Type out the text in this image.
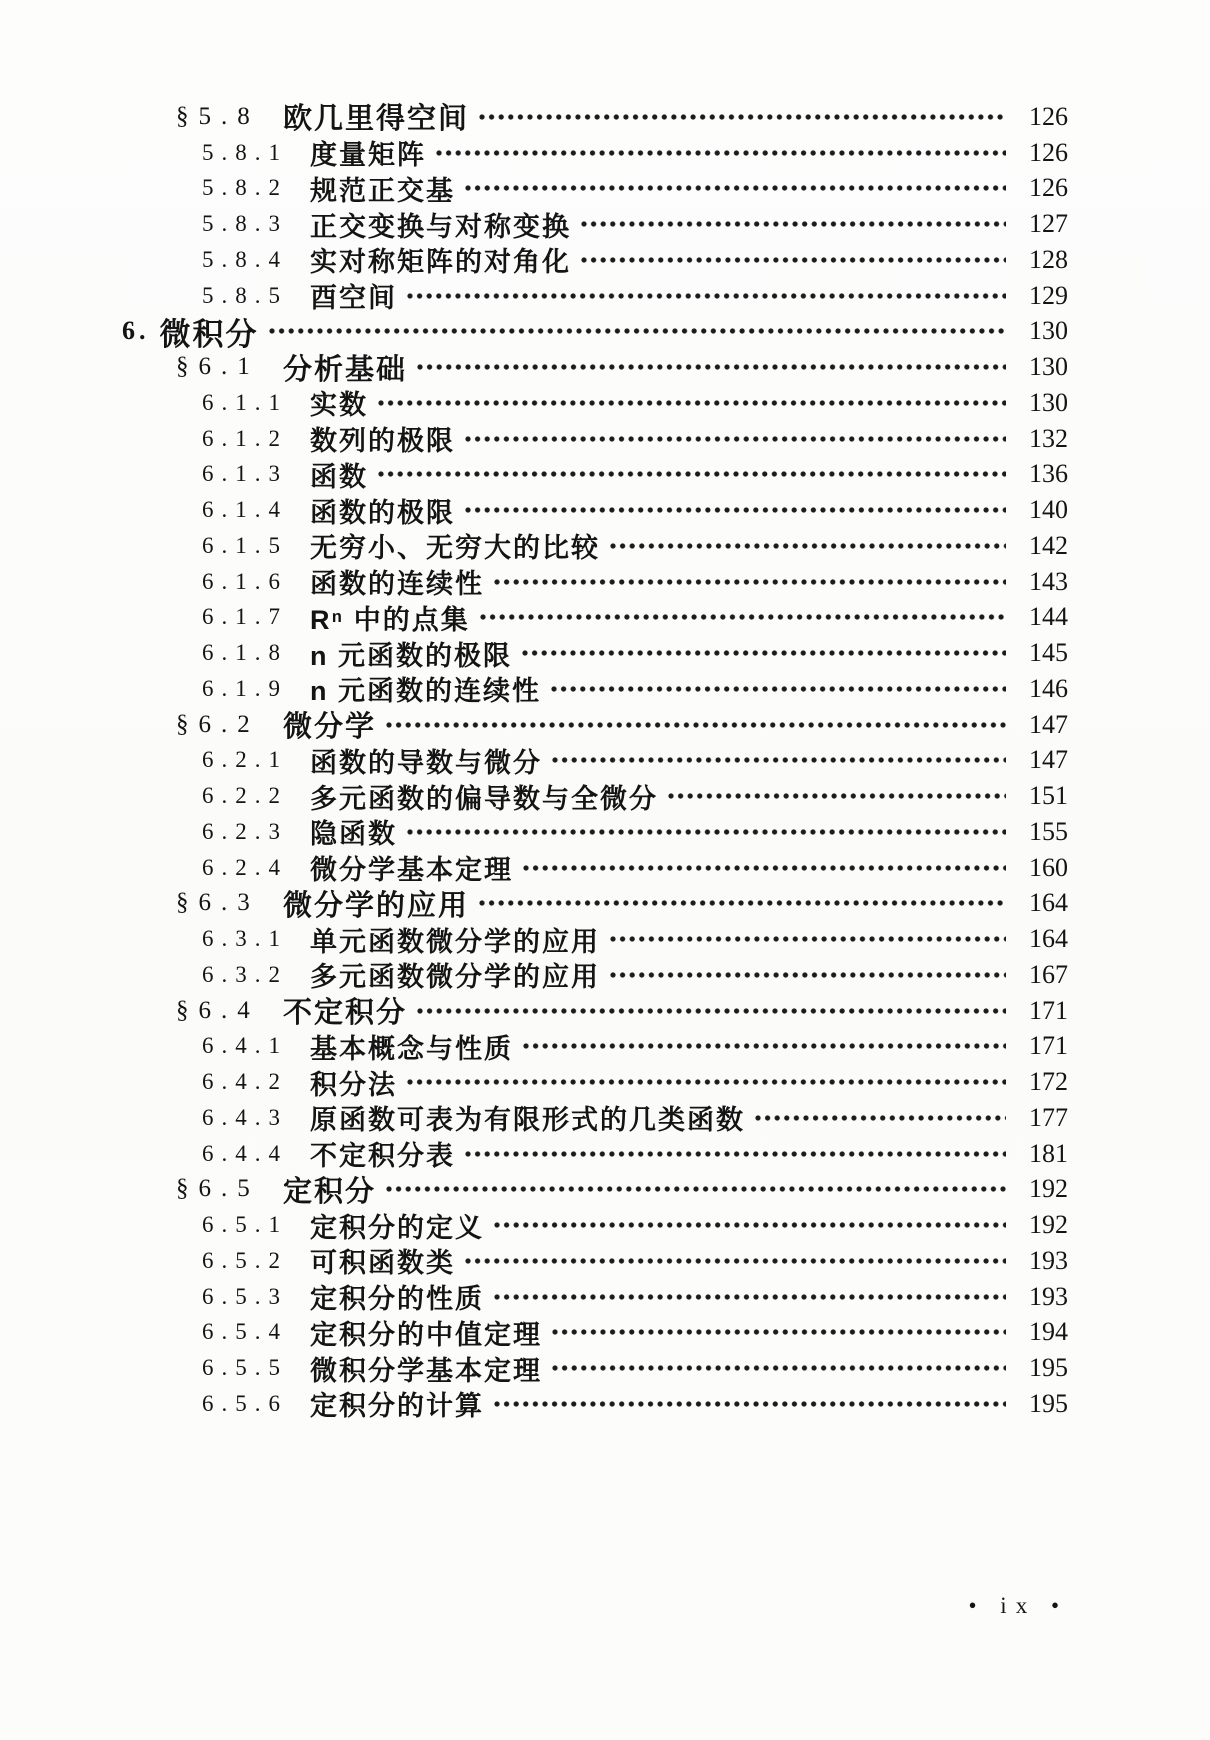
§5.8 欧几里得空间	126
5.8.1 度量矩阵	126
5.8.2 规范正交基	126
5.8.3 正交变换与对称变换	127
5.8.4 实对称矩阵的对角化	128
5.8.5 酉空间	129
6. 微积分	130
§6.1 分析基础	130
6.1.1 实数	130
6.1.2 数列的极限	132
6.1.3 函数	136
6.1.4 函数的极限	140
6.1.5 无穷小、无穷大的比较	142
6.1.6 函数的连续性	143
6.1.7 Rⁿ 中的点集	144
6.1.8 n 元函数的极限	145
6.1.9 n 元函数的连续性	146
§6.2 微分学	147
6.2.1 函数的导数与微分	147
6.2.2 多元函数的偏导数与全微分	151
6.2.3 隐函数	155
6.2.4 微分学基本定理	160
§6.3 微分学的应用	164
6.3.1 单元函数微分学的应用	164
6.3.2 多元函数微分学的应用	167
§6.4 不定积分	171
6.4.1 基本概念与性质	171
6.4.2 积分法	172
6.4.3 原函数可表为有限形式的几类函数	177
6.4.4 不定积分表	181
§6.5 定积分	192
6.5.1 定积分的定义	192
6.5.2 可积函数类	193
6.5.3 定积分的性质	193
6.5.4 定积分的中值定理	194
6.5.5 微积分学基本定理	195
6.5.6 定积分的计算	195
• ix •
